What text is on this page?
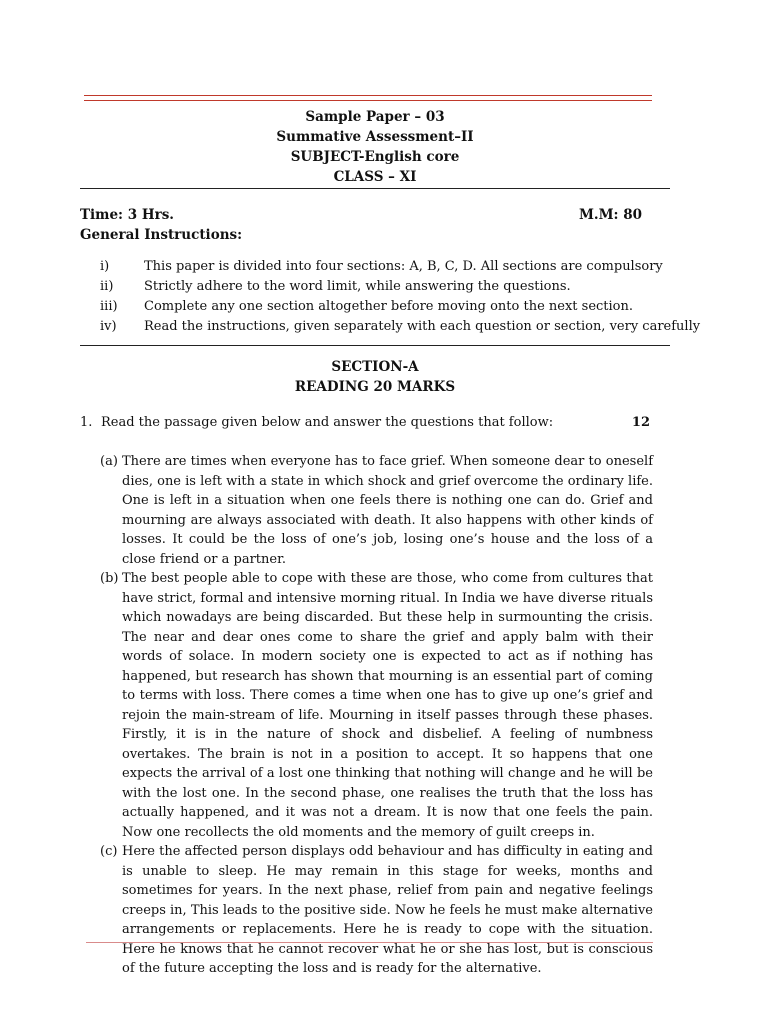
Sample Paper – 03
Summative Assessment–II
SUBJECT-English core
CLASS – XI
Time: 3 Hrs.	M.M: 80
General Instructions:
i)	This paper is divided into four sections: A, B, C, D. All sections are compulsory
ii)	Strictly adhere to the word limit, while answering the questions.
iii)	Complete any one section altogether before moving onto the next section.
iv)	Read the instructions, given separately with each question or section, very carefully
SECTION-A
READING 20 MARKS
1. Read the passage given below and answer the questions that follow:	12
(a) There are times when everyone has to face grief. When someone dear to oneself dies, one is left with a state in which shock and grief overcome the ordinary life. One is left in a situation when one feels there is nothing one can do. Grief and mourning are always associated with death. It also happens with other kinds of losses. It could be the loss of one’s job, losing one’s house and the loss of a close friend or a partner.
(b) The best people able to cope with these are those, who come from cultures that have strict, formal and intensive morning ritual. In India we have diverse rituals which nowadays are being discarded. But these help in surmounting the crisis. The near and dear ones come to share the grief and apply balm with their words of solace. In modern society one is expected to act as if nothing has happened, but research has shown that mourning is an essential part of coming to terms with loss. There comes a time when one has to give up one’s grief and rejoin the main-stream of life. Mourning in itself passes through these phases. Firstly, it is in the nature of shock and disbelief. A feeling of numbness overtakes. The brain is not in a position to accept. It so happens that one expects the arrival of a lost one thinking that nothing will change and he will be with the lost one. In the second phase, one realises the truth that the loss has actually happened, and it was not a dream. It is now that one feels the pain. Now one recollects the old moments and the memory of guilt creeps in.
(c) Here the affected person displays odd behaviour and has difficulty in eating and is unable to sleep. He may remain in this stage for weeks, months and sometimes for years. In the next phase, relief from pain and negative feelings creeps in, This leads to the positive side. Now he feels he must make alternative arrangements or replacements. Here he is ready to cope with the situation. Here he knows that he cannot recover what he or she has lost, but is conscious of the future accepting the loss and is ready for the alternative.
